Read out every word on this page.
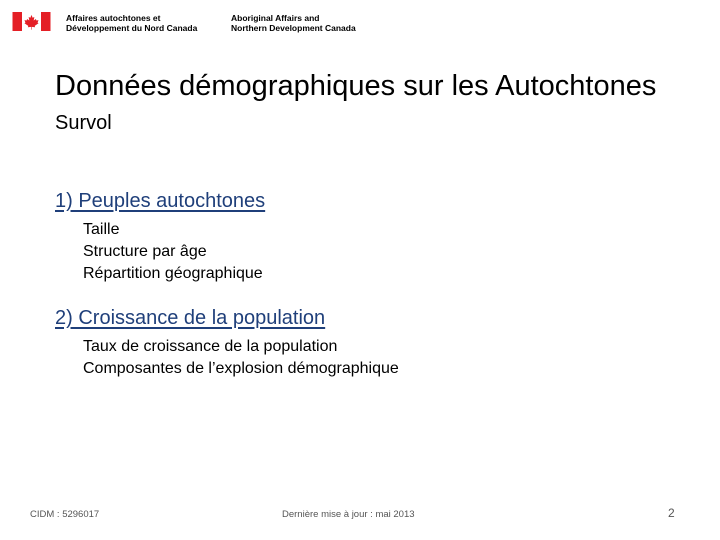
Affaires autochtones et
Développement du Nord Canada
Aboriginal Affairs and
Northern Development Canada
Données démographiques sur les Autochtones
Survol
1) Peuples autochtones
Taille
Structure par âge
Répartition géographique
2) Croissance de la population
Taux de croissance de la population
Composantes de l’explosion démographique
CIDM : 5296017	Dernière mise à jour : mai 2013	2
